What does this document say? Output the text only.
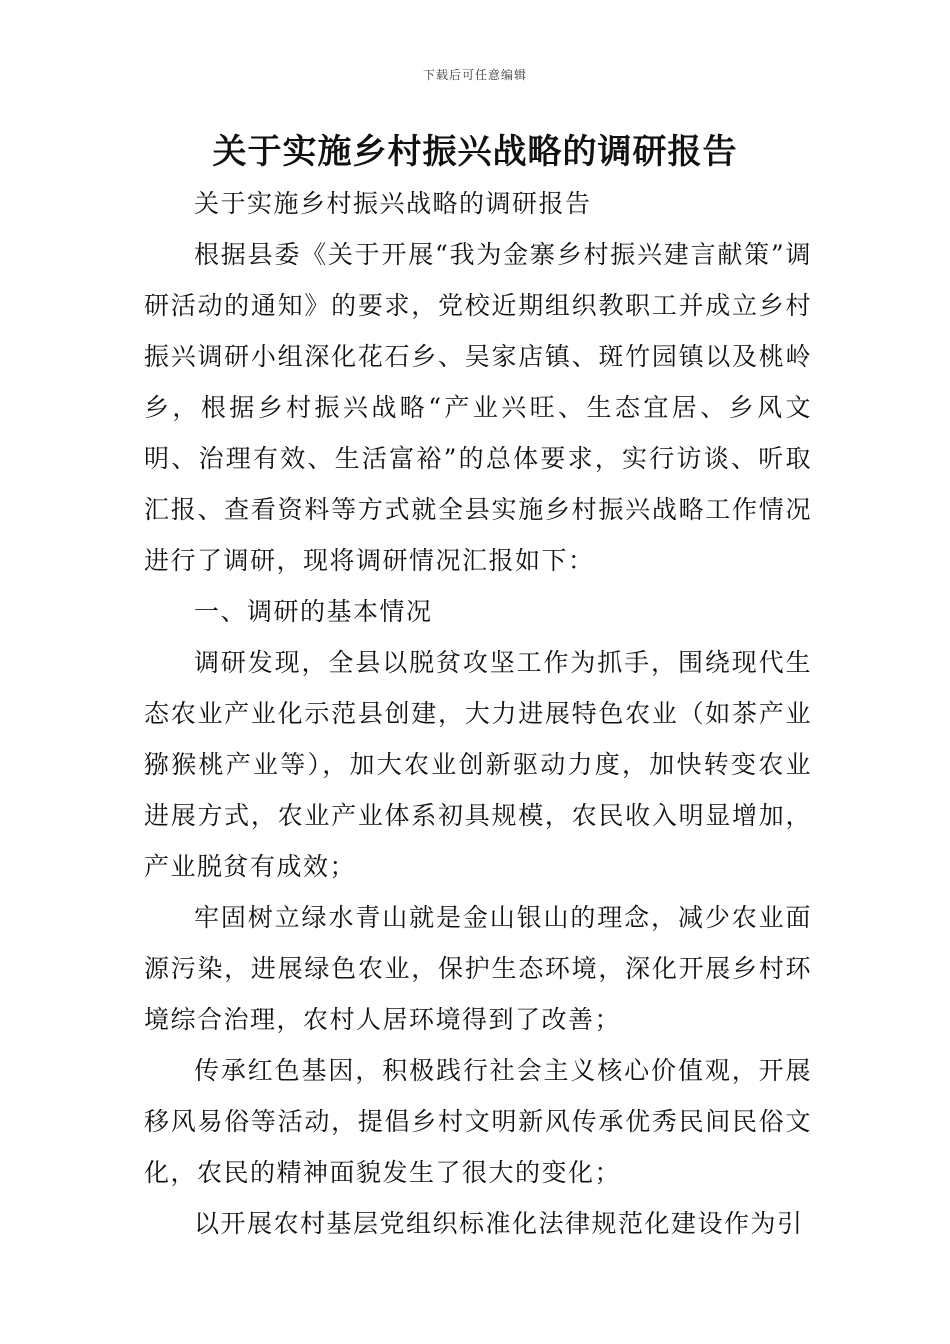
下载后可任意编辑
关于实施乡村振兴战略的调研报告

关于实施乡村振兴战略的调研报告

根据县委《关于开展“我为金寨乡村振兴建言献策”调研活动的通知》的要求，党校近期组织教职工并成立乡村振兴调研小组深化花石乡、吴家店镇、斑竹园镇以及桃岭乡，根据乡村振兴战略“产业兴旺、生态宜居、乡风文明、治理有效、生活富裕”的总体要求，实行访谈、听取汇报、查看资料等方式就全县实施乡村振兴战略工作情况进行了调研，现将调研情况汇报如下：

一、调研的基本情况

调研发现，全县以脱贫攻坚工作为抓手，围绕现代生态农业产业化示范县创建，大力进展特色农业（如茶产业猕猴桃产业等），加大农业创新驱动力度，加快转变农业进展方式，农业产业体系初具规模，农民收入明显增加，产业脱贫有成效；

牢固树立绿水青山就是金山银山的理念，减少农业面源污染，进展绿色农业，保护生态环境，深化开展乡村环境综合治理，农村人居环境得到了改善；

传承红色基因，积极践行社会主义核心价值观，开展移风易俗等活动，提倡乡村文明新风传承优秀民间民俗文化，农民的精神面貌发生了很大的变化；

以开展农村基层党组织标准化法律规范化建设作为引
